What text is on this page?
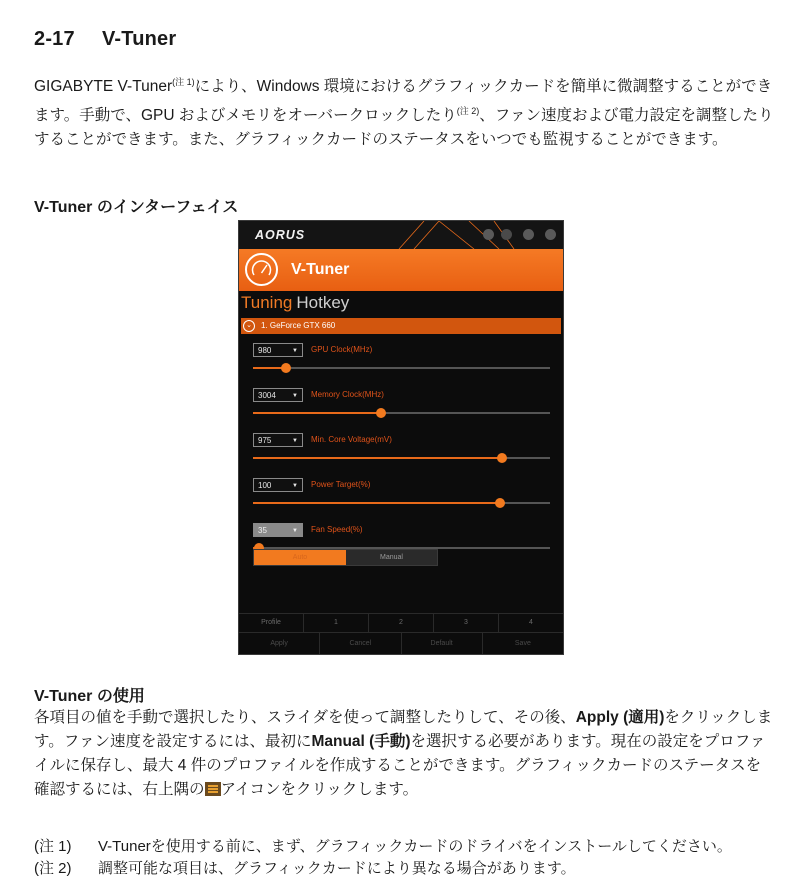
2-17 V-Tuner
GIGABYTE V-Tuner$^{(注 1)}$により、Windows 環境におけるグラフィックカードを簡単に微調整することができます。手動で、GPU およびメモリをオーバークロックしたり$^{(注 2)}$、ファン速度および電力設定を調整したりすることができます。また、グラフィックカードのステータスをいつでも監視することができます。
V-Tuner のインターフェイス
AORUS
V-Tuner
Tuning Hotkey
⌄	1. GeForce GTX 660
980	▼ GPU Clock(MHz)
3004	▼ Memory Clock(MHz)
975	▼ Min. Core Voltage(mV)
100	▼ Power Target(%)
35	▼ Fan Speed(%)
Auto	Manual
Profile	1	2	3	4
Apply	Cancel	Default	Save
V-Tuner の使用
各項目の値を手動で選択したり、スライダを使って調整したりして、その後、Apply (適用)をクリックします。ファン速度を設定するには、最初にManual (手動)を選択する必要があります。現在の設定をプロファイルに保存し、最大 4 件のプロファイルを作成することができます。グラフィックカードのステータスを確認するには、右上隅の アイコンをクリックします。
(注 1)	V-Tunerを使用する前に、まず、グラフィックカードのドライバをインストールしてください。
(注 2)	調整可能な項目は、グラフィックカードにより異なる場合があります。
